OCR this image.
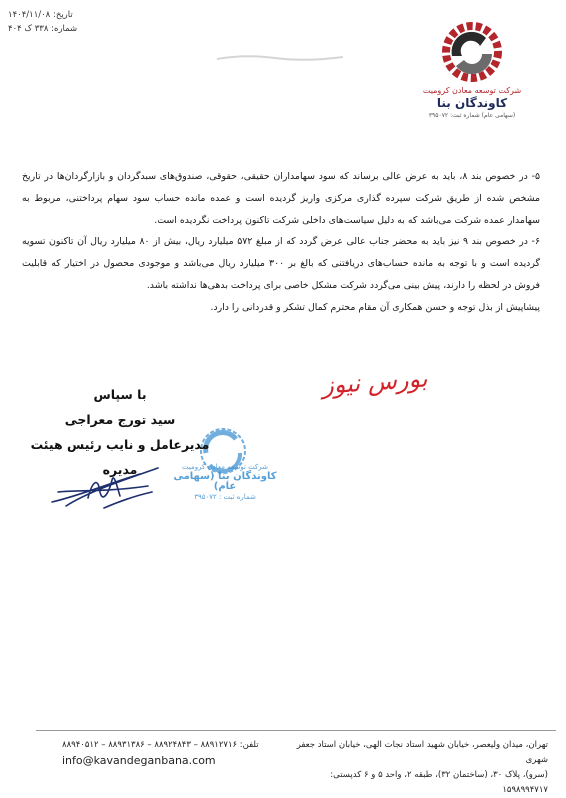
تاریخ: ۱۴۰۴/۱۱/۰۸
شماره: ۳۳۸ ک ۴۰۴
شرکت توسعه معادن کرومیت
کاوندگان بنا
(سهامی عام) شماره ثبت: ۳۹۵۰۷۲

۵- در خصوص بند ۸، باید به عرض عالی برساند که سود سهامداران حقیقی، حقوقی، صندوق‌های سبدگردان و بازارگردان‌ها در تاریخ مشخص شده از طریق شرکت سپرده گذاری مرکزی واریز گردیده است و عمده مانده حساب سود سهام پرداختنی، مربوط به سهامدار عمده شرکت می‌باشد که به دلیل سیاست‌های داخلی شرکت تاکنون پرداخت نگردیده است.

۶- در خصوص بند ۹ نیز باید به محضر جناب عالی عرض گردد که از مبلغ ۵۷۲ میلیارد ریال، بیش از ۸۰ میلیارد ریال آن تاکنون تسویه گردیده است و با توجه به مانده حساب‌های دریافتنی که بالغ بر ۳۰۰ میلیارد ریال می‌باشد و موجودی محصول در اختیار که قابلیت فروش در لحظه را دارند، پیش بینی می‌گردد شرکت مشکل خاصی برای پرداخت بدهی‌ها نداشته باشد.

پیشاپیش از بذل توجه و حسن همکاری آن مقام محترم کمال تشکر و قدردانی را دارد.

بورس نیوز
شرکت توسعه معادن کرومیت
کاوندگان بنا (سهامی عام)
شماره ثبت : ۳۹۵۰۷۲
با سپاس
سید تورج معراجی
مدیرعامل و نایب رئیس هیئت مدیره
تلفن: ۸۸۹۱۲۷۱۶ – ۸۸۹۲۴۸۴۳ – ۸۸۹۳۱۳۸۶ – ۸۸۹۴۰۵۱۲
info@kavandeganbana.com
تهران، میدان ولیعصر، خیابان شهید استاد نجات الهی، خیابان استاد جعفر شهری
(سرو)، پلاک ۳۰، (ساختمان ۳۲)، طبقه ۲، واحد ۵ و ۶ کدپستی: ۱۵۹۸۹۹۴۷۱۷
